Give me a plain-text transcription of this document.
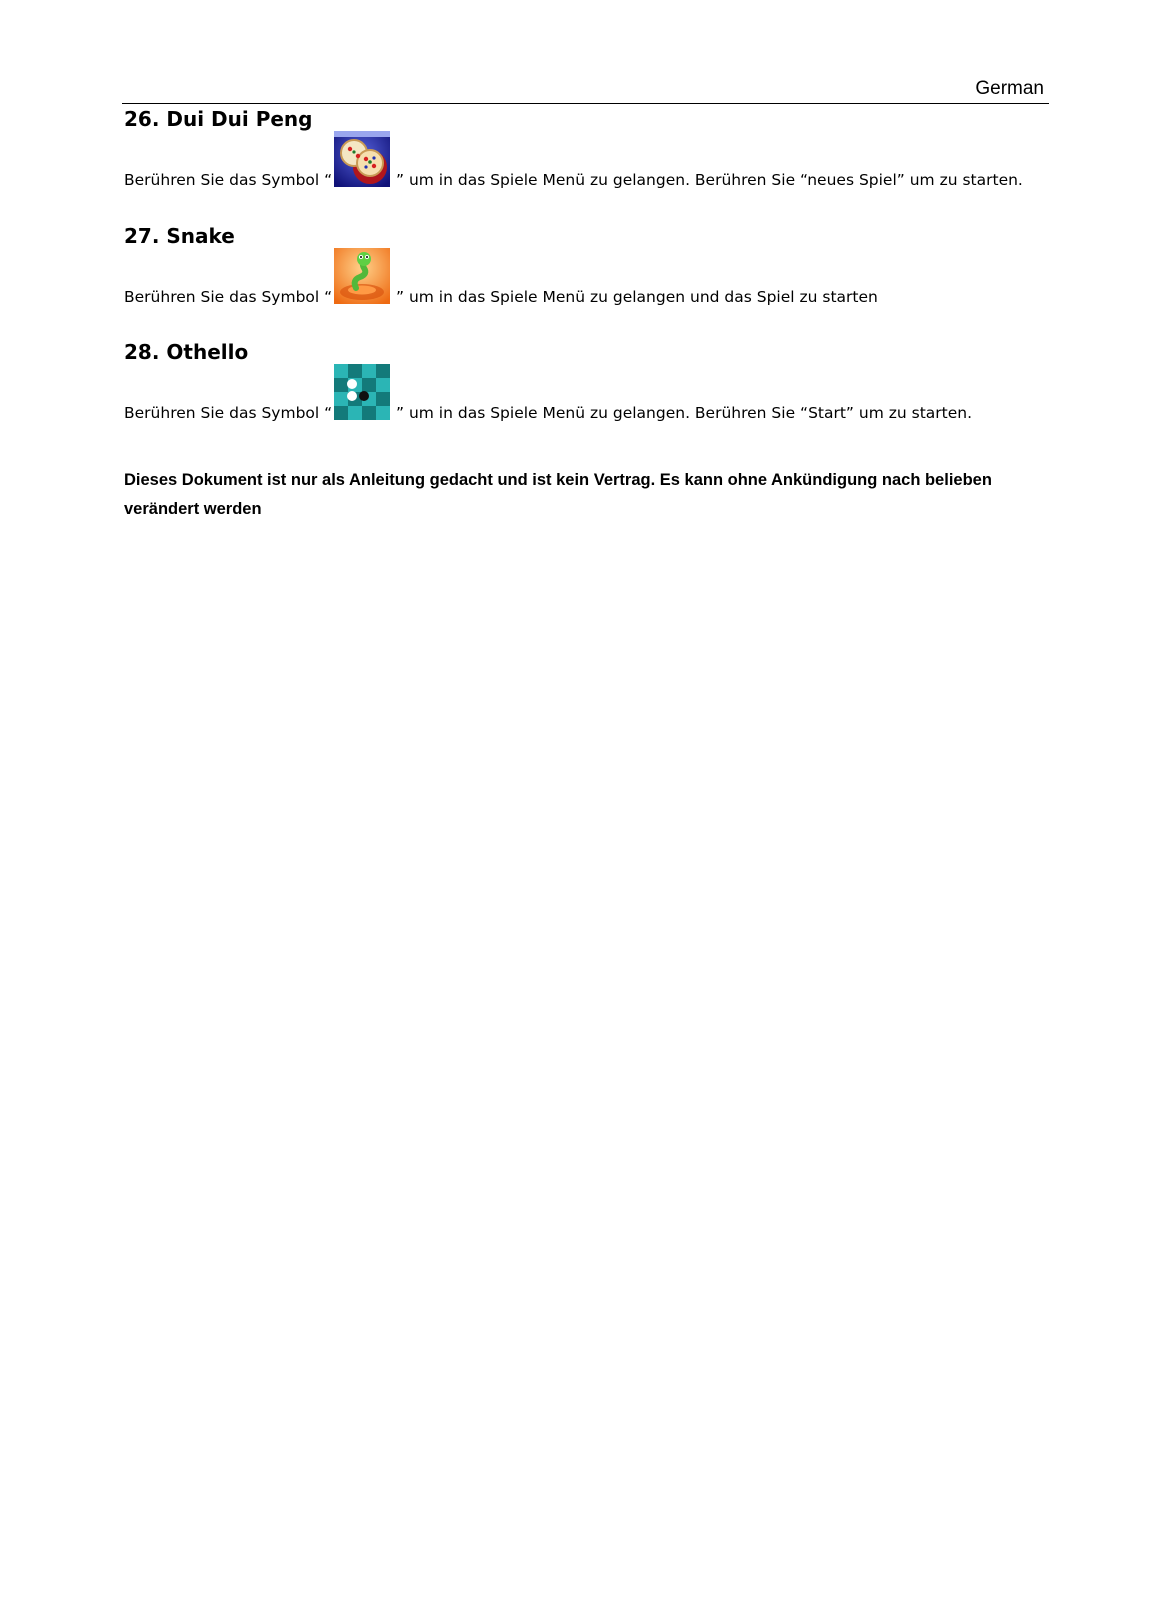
German
26. Dui Dui Peng
Berühren Sie das Symbol “	” um in das Spiele Menü zu gelangen. Berühren Sie “neues Spiel” um zu starten.
27. Snake
Berühren Sie das Symbol “	” um in das Spiele Menü zu gelangen und das Spiel zu starten
28. Othello
Berühren Sie das Symbol “	” um in das Spiele Menü zu gelangen. Berühren Sie “Start” um zu starten.
Dieses Dokument ist nur als Anleitung gedacht und ist kein Vertrag. Es kann ohne Ankündigung nach belieben verändert werden
